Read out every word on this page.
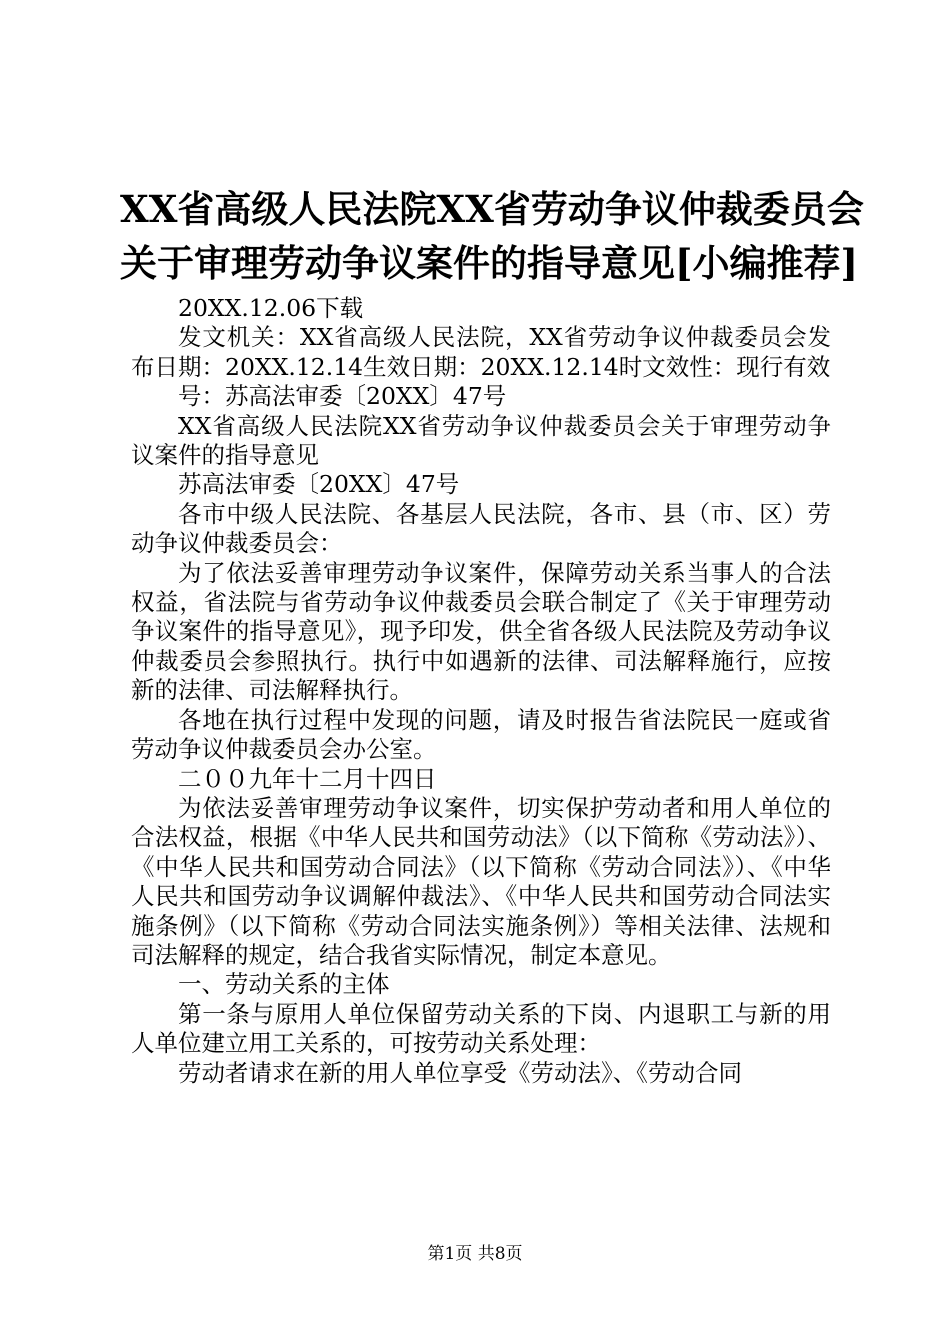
XX省高级人民法院XX省劳动争议仲裁委员会
关于审理劳动争议案件的指导意见[小编推荐]

20XX.12.06下载

发文机关：XX省高级人民法院，XX省劳动争议仲裁委员会发布日期：20XX.12.14生效日期：20XX.12.14时文效性：现行有效

号：苏高法审委〔20XX〕47号

XX省高级人民法院XX省劳动争议仲裁委员会关于审理劳动争议案件的指导意见

苏高法审委〔20XX〕47号

各市中级人民法院、各基层人民法院，各市、县（市、区）劳动争议仲裁委员会：

为了依法妥善审理劳动争议案件，保障劳动关系当事人的合法权益，省法院与省劳动争议仲裁委员会联合制定了《关于审理劳动争议案件的指导意见》，现予印发，供全省各级人民法院及劳动争议仲裁委员会参照执行。执行中如遇新的法律、司法解释施行，应按新的法律、司法解释执行。

各地在执行过程中发现的问题，请及时报告省法院民一庭或省劳动争议仲裁委员会办公室。

二００九年十二月十四日

为依法妥善审理劳动争议案件，切实保护劳动者和用人单位的合法权益，根据《中华人民共和国劳动法》（以下简称《劳动法》）、《中华人民共和国劳动合同法》（以下简称《劳动合同法》）、《中华人民共和国劳动争议调解仲裁法》、《中华人民共和国劳动合同法实施条例》（以下简称《劳动合同法实施条例》）等相关法律、法规和司法解释的规定，结合我省实际情况，制定本意见。

一、劳动关系的主体

第一条与原用人单位保留劳动关系的下岗、内退职工与新的用人单位建立用工关系的，可按劳动关系处理：

劳动者请求在新的用人单位享受《劳动法》、《劳动合同

第1页 共8页
